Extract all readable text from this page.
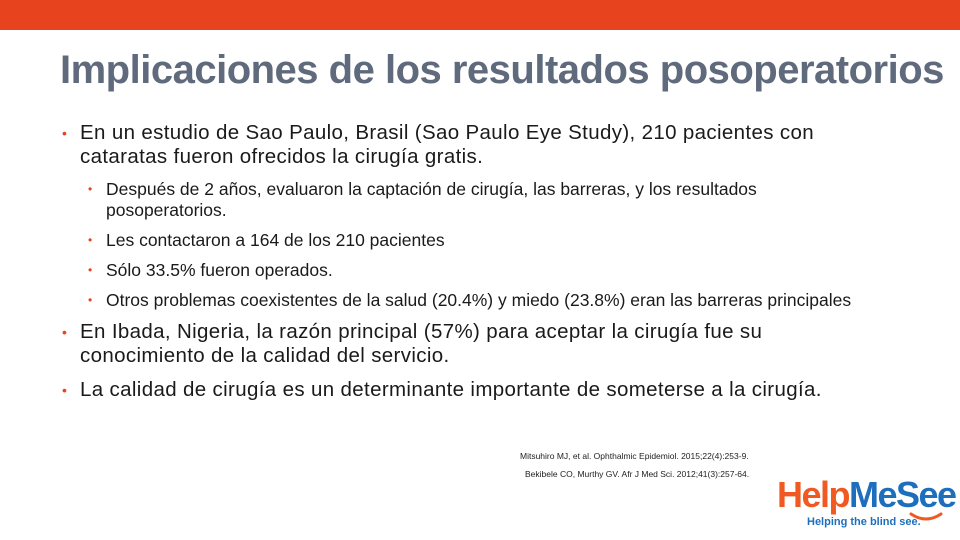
Implicaciones de los resultados posoperatorios
• En un estudio de Sao Paulo, Brasil (Sao Paulo Eye Study), 210 pacientes con cataratas fueron ofrecidos la cirugía gratis.
• Después de 2 años, evaluaron la captación de cirugía, las barreras, y los resultados posoperatorios.
• Les contactaron a 164 de los 210 pacientes
• Sólo 33.5% fueron operados.
• Otros problemas coexistentes de la salud (20.4%) y miedo (23.8%) eran las barreras principales
• En Ibada, Nigeria, la razón principal (57%) para aceptar la cirugía fue su conocimiento de la calidad del servicio.
• La calidad de cirugía es un determinante importante de someterse a la cirugía.
Mitsuhiro MJ, et al. Ophthalmic Epidemiol. 2015;22(4):253-9.
Bekibele CO, Murthy GV. Afr J Med Sci. 2012;41(3):257-64. HelpMeSee
Helping the blind see.
